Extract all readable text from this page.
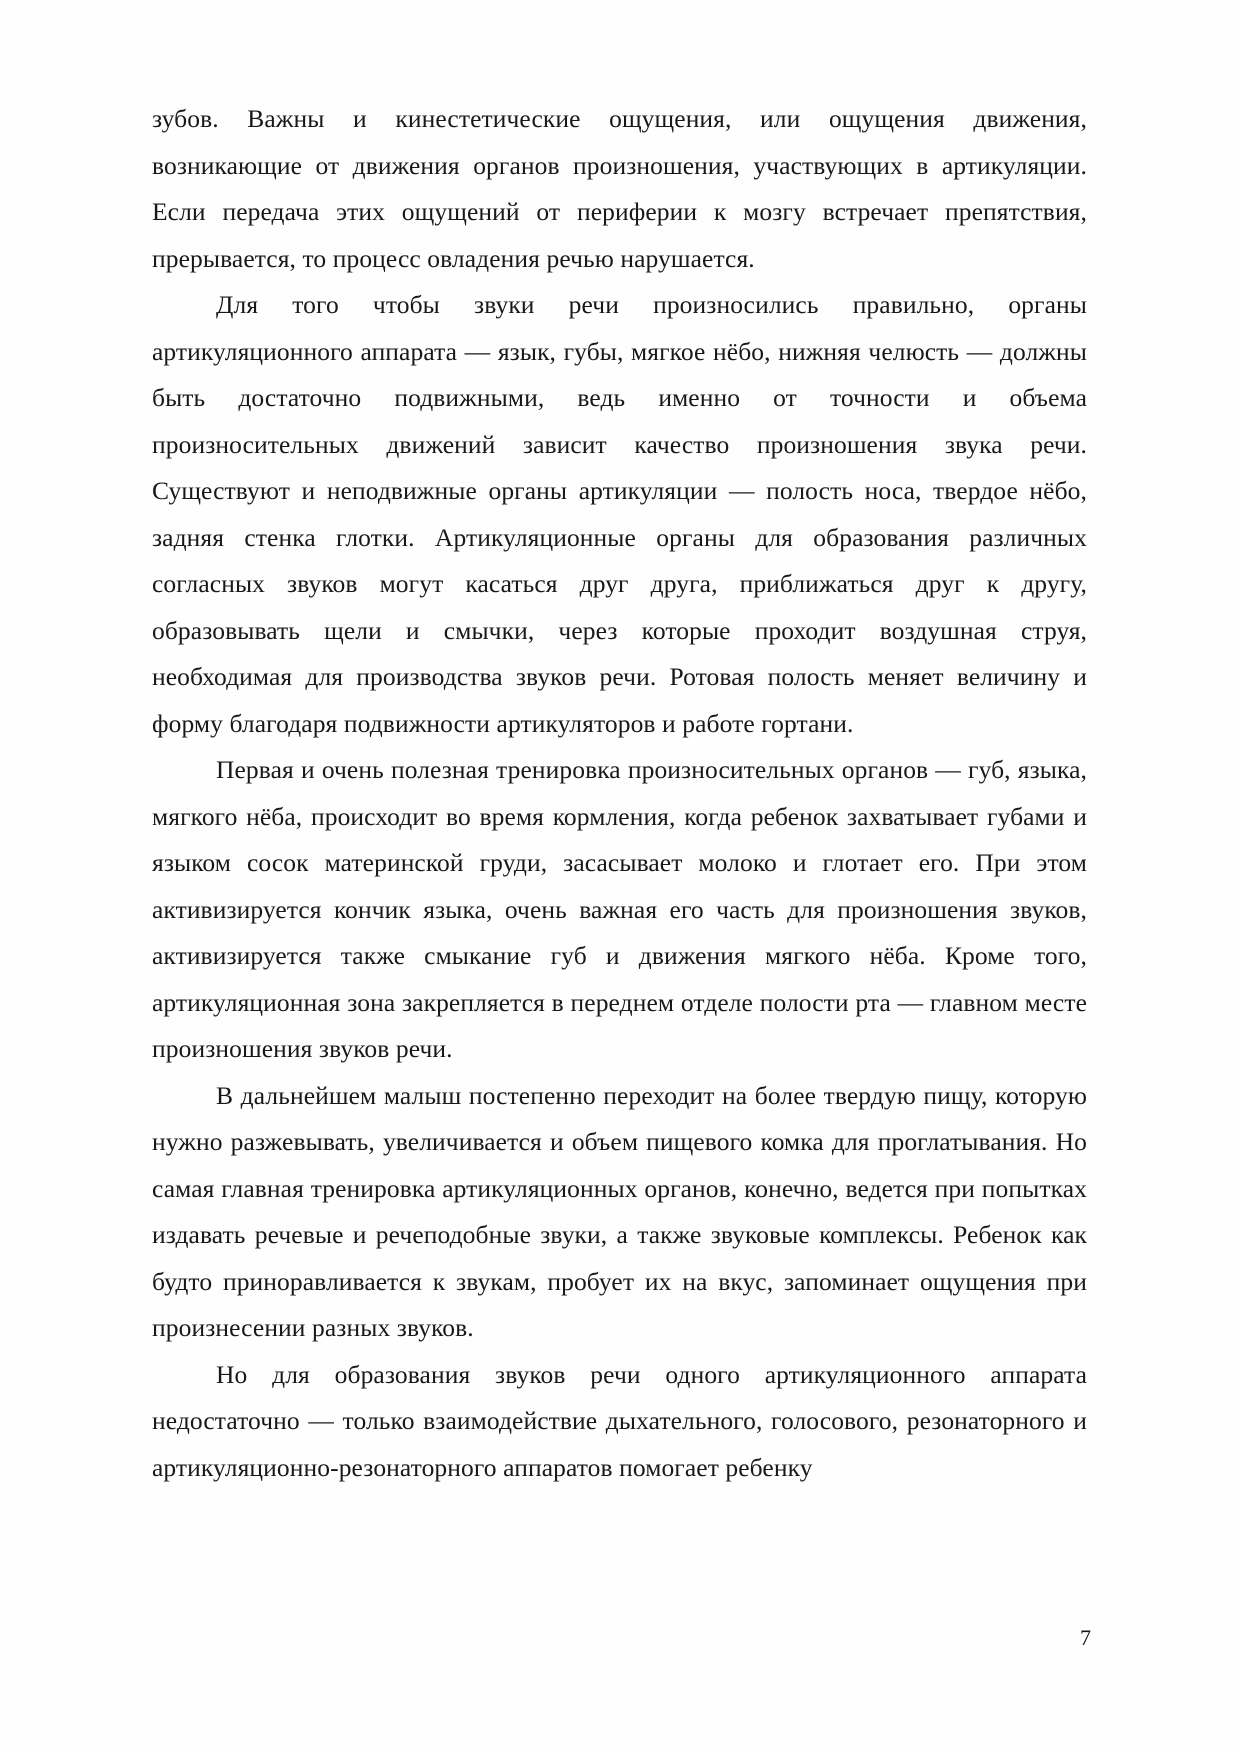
зубов. Важны и кинестетические ощущения, или ощущения движения, возникающие от движения органов произношения, участвующих в артикуляции. Если передача этих ощущений от периферии к мозгу встречает препятствия, прерывается, то процесс овладения речью нарушается.

Для того чтобы звуки речи произносились правильно, органы артикуляционного аппарата — язык, губы, мягкое нёбо, нижняя челюсть — должны быть достаточно подвижными, ведь именно от точности и объема произносительных движений зависит качество произношения звука речи. Существуют и неподвижные органы артикуляции — полость носа, твердое нёбо, задняя стенка глотки. Артикуляционные органы для образования различных согласных звуков могут касаться друг друга, приближаться друг к другу, образовывать щели и смычки, через которые проходит воздушная струя, необходимая для производства звуков речи. Ротовая полость меняет величину и форму благодаря подвижности артикуляторов и работе гортани.

Первая и очень полезная тренировка произносительных органов — губ, языка, мягкого нёба, происходит во время кормления, когда ребенок захватывает губами и языком сосок материнской груди, засасывает молоко и глотает его. При этом активизируется кончик языка, очень важная его часть для произношения звуков, активизируется также смыкание губ и движения мягкого нёба. Кроме того, артикуляционная зона закрепляется в переднем отделе полости рта — главном месте произношения звуков речи.

В дальнейшем малыш постепенно переходит на более твердую пищу, которую нужно разжевывать, увеличивается и объем пищевого комка для проглатывания. Но самая главная тренировка артикуляционных органов, конечно, ведется при попытках издавать речевые и речеподобные звуки, а также звуковые комплексы. Ребенок как будто приноравливается к звукам, пробует их на вкус, запоминает ощущения при произнесении разных звуков.

Но для образования звуков речи одного артикуляционного аппарата недостаточно — только взаимодействие дыхательного, голосового, резонаторного и артикуляционно-резонаторного аппаратов помогает ребенку

7
